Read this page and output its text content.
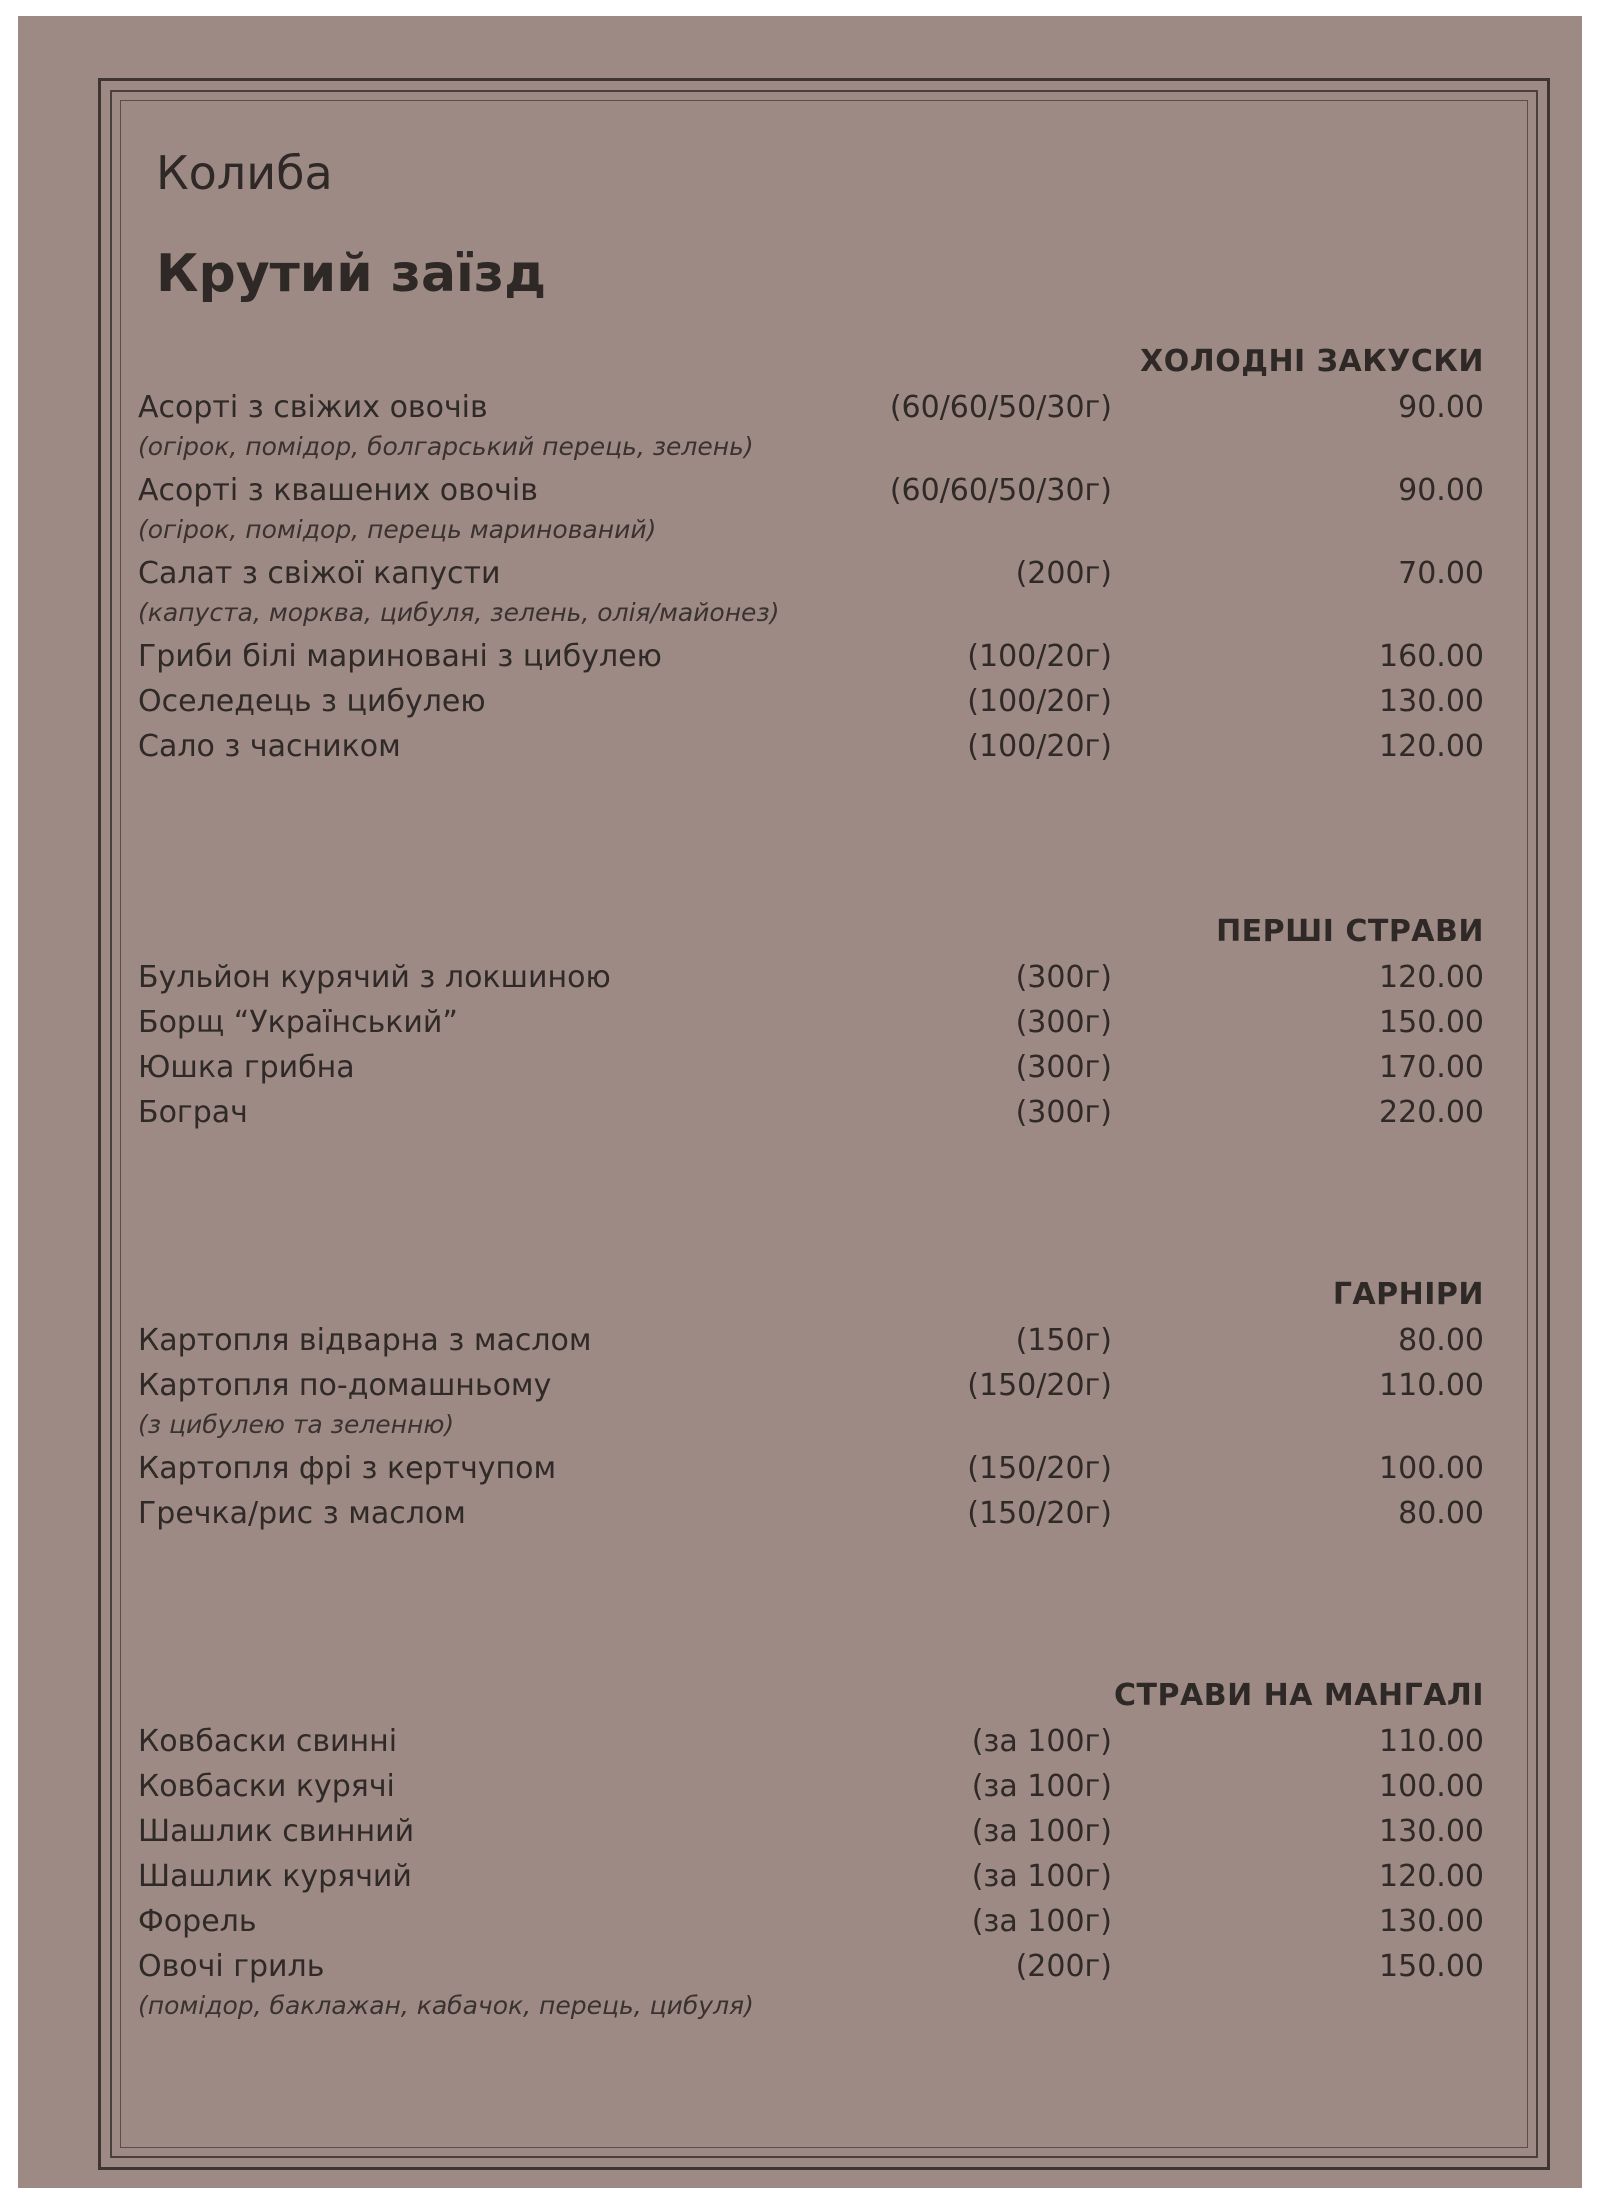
Колиба
Крутий заїзд
ХОЛОДНІ ЗАКУСКИ
Асорті з свіжих овочів	(60/60/50/30г)	90.00
(огірок, помідор, болгарський перець, зелень)
Асорті з квашених овочів	(60/60/50/30г)	90.00
(огірок, помідор, перець маринований)
Салат з свіжої капусти	(200г)	70.00
(капуста, морква, цибуля, зелень, олія/майонез)
Гриби білі мариновані з цибулею	(100/20г)	160.00
Оселедець з цибулею	(100/20г)	130.00
Сало з часником	(100/20г)	120.00
ПЕРШІ СТРАВИ
Бульйон курячий з локшиною	(300г)	120.00
Борщ “Український”	(300г)	150.00
Юшка грибна	(300г)	170.00
Бограч	(300г)	220.00
ГАРНІРИ
Картопля відварна з маслом	(150г)	80.00
Картопля по-домашньому	(150/20г)	110.00
(з цибулею та зеленню)
Картопля фрі з кертчупом	(150/20г)	100.00
Гречка/рис з маслом	(150/20г)	80.00
СТРАВИ НА МАНГАЛІ
Ковбаски свинні	(за 100г)	110.00
Ковбаски курячі	(за 100г)	100.00
Шашлик свинний	(за 100г)	130.00
Шашлик курячий	(за 100г)	120.00
Форель	(за 100г)	130.00
Овочі гриль	(200г)	150.00
(помідор, баклажан, кабачок, перець, цибуля)
